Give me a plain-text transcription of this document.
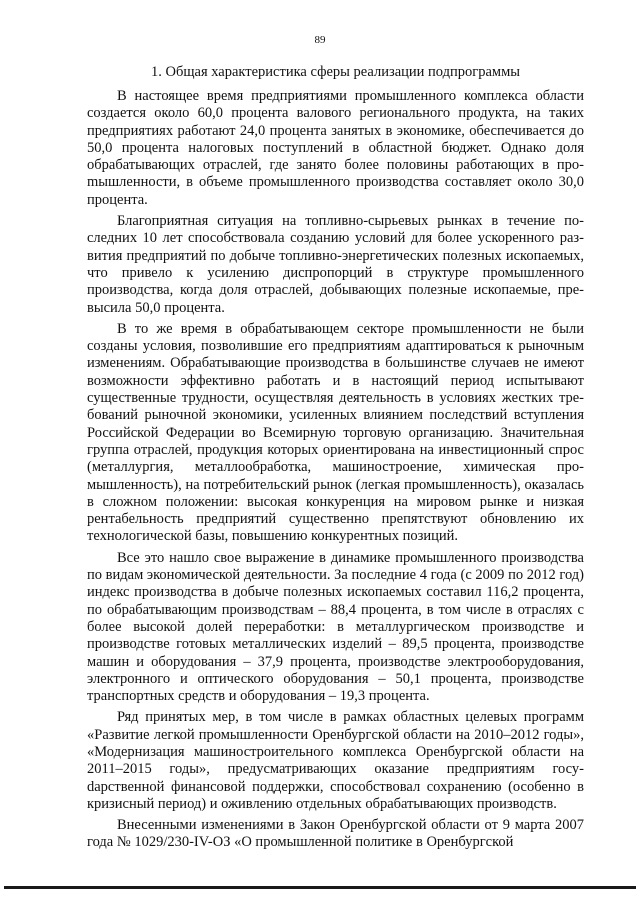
89
1. Общая характеристика сферы реализации подпрограммы

В настоящее время предприятиями промышленного комплекса области создается около 60,0 процента валового регионального продукта, на таких предприятиях работают 24,0 процента занятых в экономике, обеспечивается до 50,0 процента налоговых поступлений в областной бюджет. Однако доля обрабатывающих отраслей, где занято более половины работающих в проmышленности, в объеме промышленного производства составляет около 30,0 процента.

Благоприятная ситуация на топливно-сырьевых рынках в течение последних 10 лет способствовала созданию условий для более ускоренного развития предприятий по добыче топливно-энергетических полезных ископаемых, что привело к усилению диспропорций в структуре промышленного производства, когда доля отраслей, добывающих полезные ископаемые, превысила 50,0 процента.

В то же время в обрабатывающем секторе промышленности не были созданы условия, позволившие его предприятиям адаптироваться к рыночным изменениям. Обрабатывающие производства в большинстве случаев не имеют возможности эффективно работать и в настоящий период испытывают существенные трудности, осуществляя деятельность в условиях жестких требований рыночной экономики, усиленных влиянием последствий вступления Российской Федерации во Всемирную торговую организацию. Значительная группа отраслей, продукция которых ориентирована на инвестиционный спрос (металлургия, металлообработка, машиностроение, химическая промышленность), на потребительский рынок (легкая промышленность), оказалась в сложном положении: высокая конкуренция на мировом рынке и низкая рентабельность предприятий существенно препятствуют обновлению их технологической базы, повышению конкурентных позиций.

Все это нашло свое выражение в динамике промышленного производства по видам экономической деятельности. За последние 4 года (с 2009 по 2012 год) индекс производства в добыче полезных ископаемых составил 116,2 процента, по обрабатывающим производствам – 88,4 процента, в том числе в отраслях с более высокой долей переработки: в металлургическом производстве и производстве готовых металлических изделий – 89,5 процента, производстве машин и оборудования – 37,9 процента, производстве электрооборудования, электронного и оптического оборудования – 50,1 процента, производстве транспортных средств и оборудования – 19,3 процента.

Ряд принятых мер, в том числе в рамках областных целевых программ «Развитие легкой промышленности Оренбургской области на 2010–2012 годы», «Модернизация машиностроительного комплекса Оренбургской области на 2011–2015 годы», предусматривающих оказание предприятиям госуdарственной финансовой поддержки, способствовал сохранению (особенно в кризисный период) и оживлению отдельных обрабатывающих производств.

Внесенными изменениями в Закон Оренбургской области от 9 марта 2007 года № 1029/230-IV-ОЗ «О промышленной политике в Оренбургской
